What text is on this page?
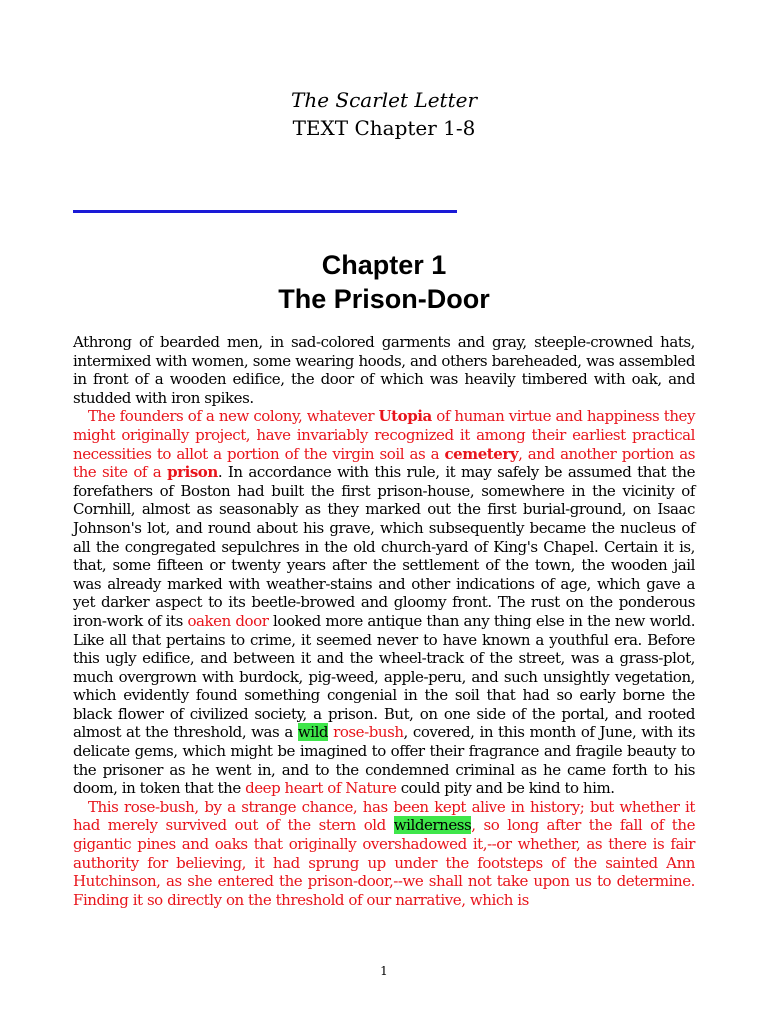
The Scarlet Letter
TEXT Chapter 1-8
Chapter 1
The Prison-Door

Athrong of bearded men, in sad-colored garments and gray, steeple-crowned hats, intermixed with women, some wearing hoods, and others bareheaded, was assembled in front of a wooden edifice, the door of which was heavily timbered with oak, and studded with iron spikes.

The founders of a new colony, whatever Utopia of human virtue and happiness they might originally project, have invariably recognized it among their earliest practical necessities to allot a portion of the virgin soil as a cemetery, and another portion as the site of a prison. In accordance with this rule, it may safely be assumed that the forefathers of Boston had built the first prison-house, somewhere in the vicinity of Cornhill, almost as seasonably as they marked out the first burial-ground, on Isaac Johnson's lot, and round about his grave, which subsequently became the nucleus of all the congregated sepulchres in the old church-yard of King's Chapel. Certain it is, that, some fifteen or twenty years after the settlement of the town, the wooden jail was already marked with weather-stains and other indications of age, which gave a yet darker aspect to its beetle-browed and gloomy front. The rust on the ponderous iron-work of its oaken door looked more antique than any thing else in the new world. Like all that pertains to crime, it seemed never to have known a youthful era. Before this ugly edifice, and between it and the wheel-track of the street, was a grass-plot, much overgrown with burdock, pig-weed, apple-peru, and such unsightly vegetation, which evidently found something congenial in the soil that had so early borne the black flower of civilized society, a prison. But, on one side of the portal, and rooted almost at the threshold, was a wild rose-bush, covered, in this month of June, with its delicate gems, which might be imagined to offer their fragrance and fragile beauty to the prisoner as he went in, and to the condemned criminal as he came forth to his doom, in token that the deep heart of Nature could pity and be kind to him.

This rose-bush, by a strange chance, has been kept alive in history; but whether it had merely survived out of the stern old wilderness, so long after the fall of the gigantic pines and oaks that originally overshadowed it,--or whether, as there is fair authority for believing, it had sprung up under the footsteps of the sainted Ann Hutchinson, as she entered the prison-door,--we shall not take upon us to determine. Finding it so directly on the threshold of our narrative, which is

1
